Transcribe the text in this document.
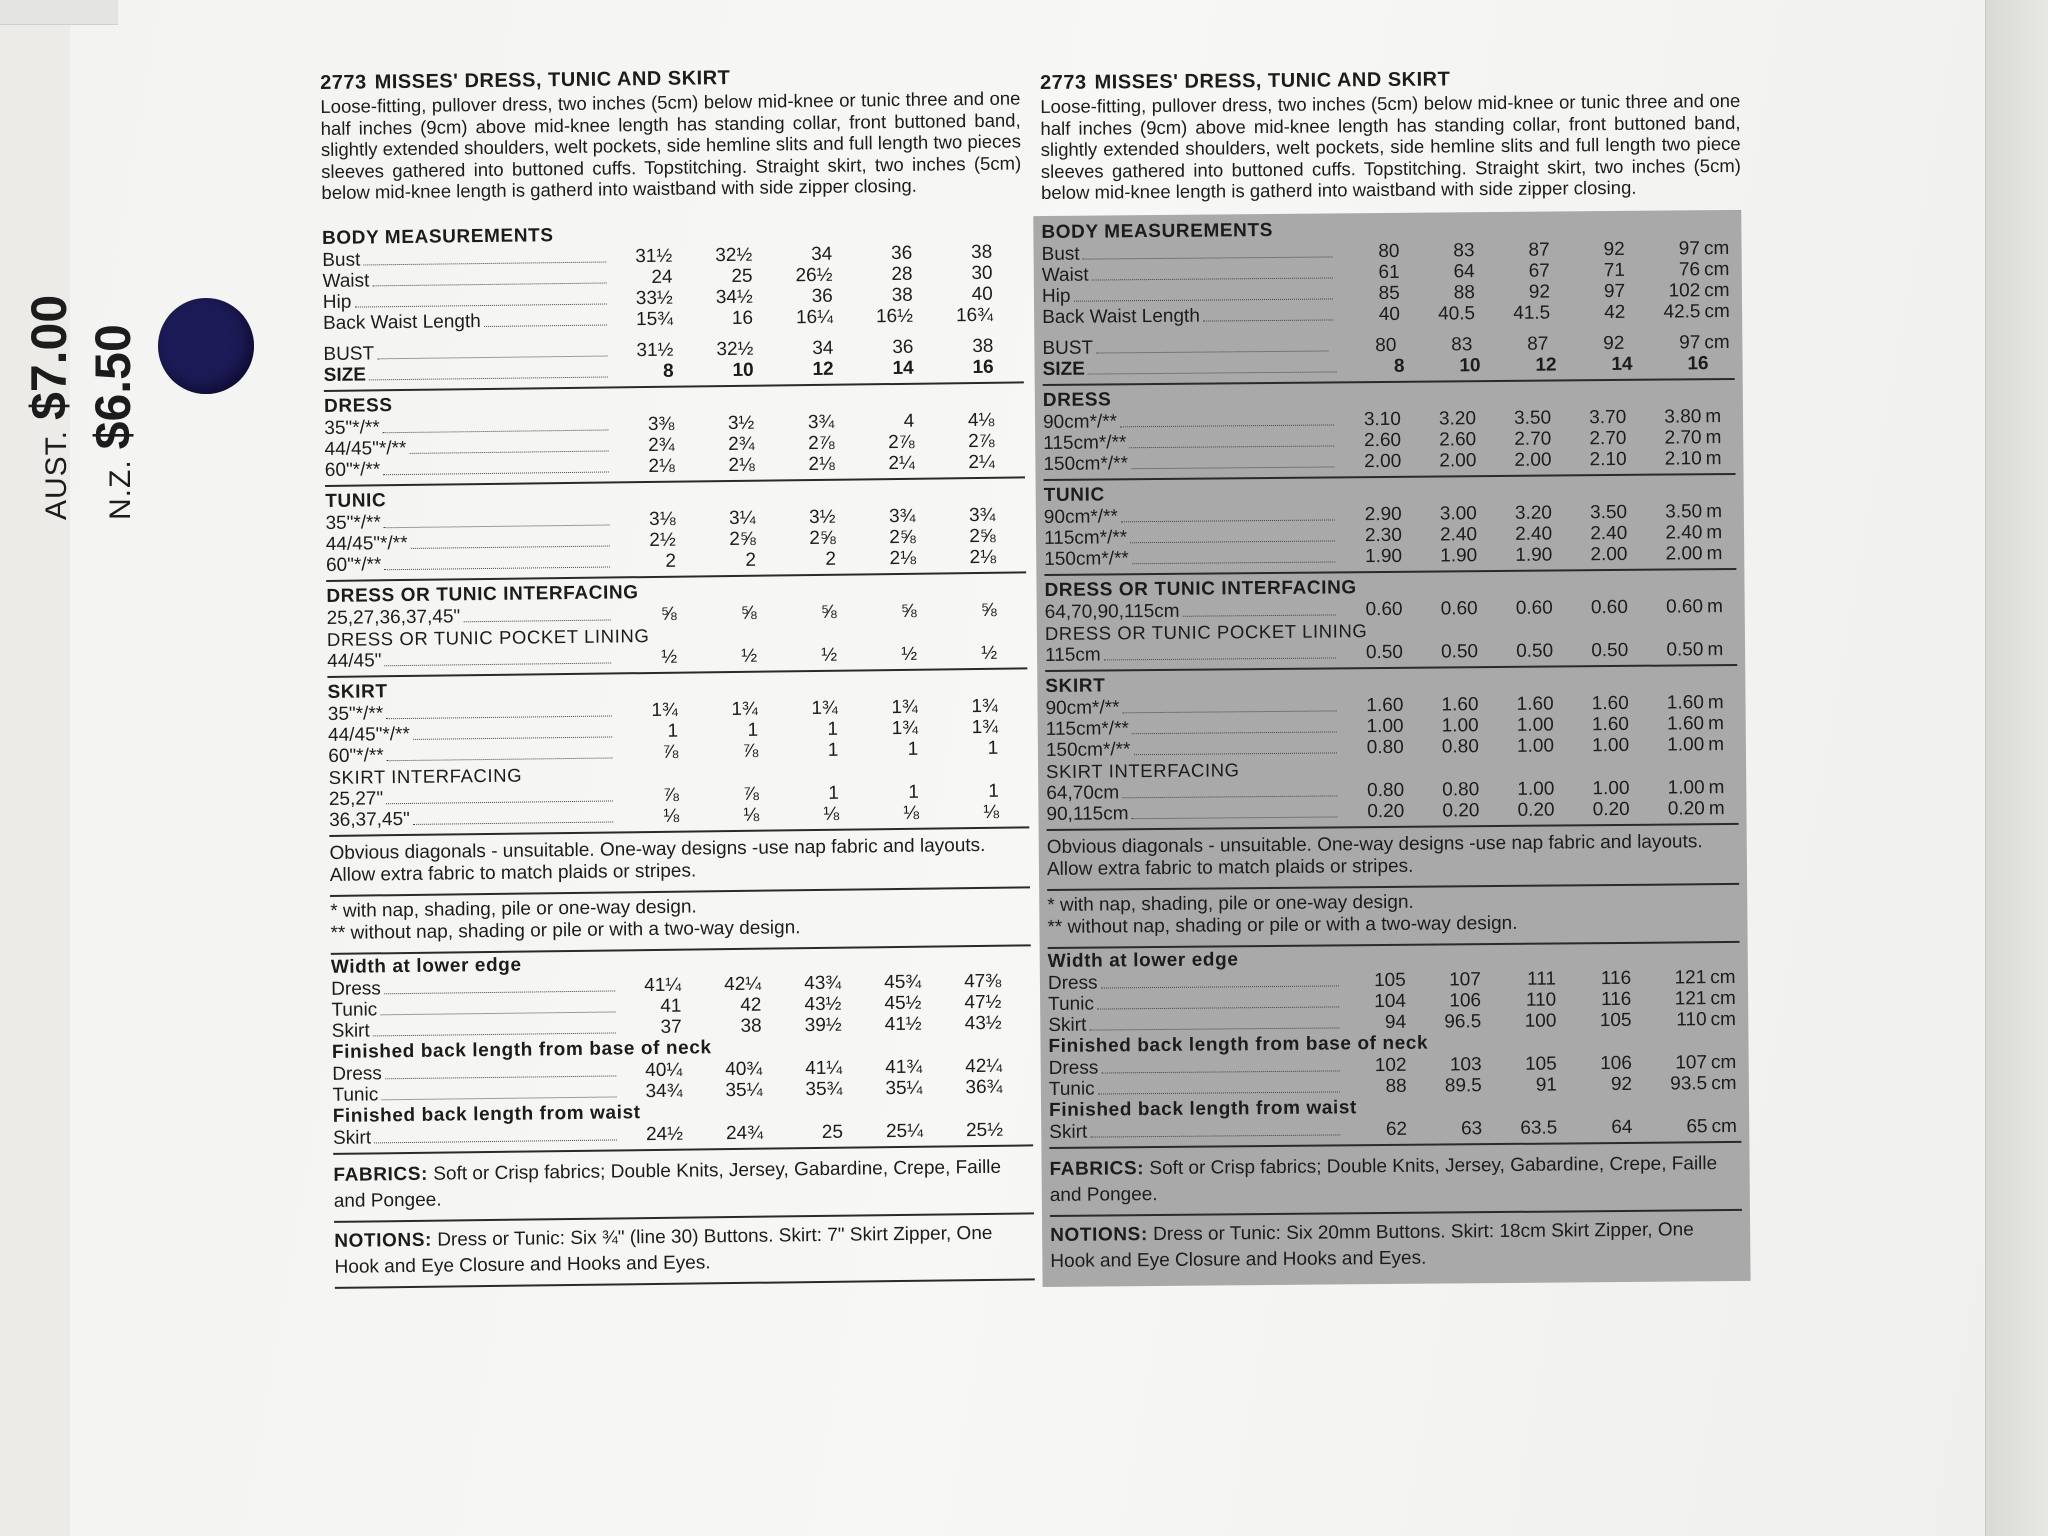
AUST.$7.00
N.Z.$6.50
2773 MISSES' DRESS, TUNIC AND SKIRT
Loose-fitting, pullover dress, two inches (5cm) below mid-knee or tunic three and one half inches (9cm) above mid-knee length has standing collar, front buttoned band, slightly extended shoulders, welt pockets, side hemline slits and full length two pieces sleeves gathered into buttoned cuffs. Topstitching. Straight skirt, two inches (5cm) below mid-knee length is gatherd into waistband with side zipper closing.
BODY MEASUREMENTS
Bust	31½	32½	34	36	38
Waist	24	25	26½	28	30
Hip	33½	34½	36	38	40
Back Waist Length	15¾	16	16¼	16½	16¾
BUST	31½	32½	34	36	38
SIZE	8	10	12	14	16
DRESS
35"*/**	3⅜	3½	3¾	4	4⅛
44/45"*/**	2¾	2¾	2⅞	2⅞	2⅞
60"*/**	2⅛	2⅛	2⅛	2¼	2¼
TUNIC
35"*/**	3⅛	3¼	3½	3¾	3¾
44/45"*/**	2½	2⅝	2⅝	2⅝	2⅝
60"*/**	2	2	2	2⅛	2⅛
DRESS OR TUNIC INTERFACING
25,27,36,37,45"	⅝	⅝	⅝	⅝	⅝
DRESS OR TUNIC POCKET LINING
44/45"	½	½	½	½	½
SKIRT
35"*/**	1¾	1¾	1¾	1¾	1¾
44/45"*/**	1	1	1	1¾	1¾
60"*/**	⅞	⅞	1	1	1
SKIRT INTERFACING
25,27"	⅞	⅞	1	1	1
36,37,45"	⅛	⅛	⅛	⅛	⅛
Obvious diagonals - unsuitable. One-way designs -use nap fabric and layouts. Allow extra fabric to match plaids or stripes.
* with nap, shading, pile or one-way design.
** without nap, shading or pile or with a two-way design.
Width at lower edge
Dress	41¼	42¼	43¾	45¾	47⅜
Tunic	41	42	43½	45½	47½
Skirt	37	38	39½	41½	43½
Finished back length from base of neck
Dress	40¼	40¾	41¼	41¾	42¼
Tunic	34¾	35¼	35¾	35¼	36¾
Finished back length from waist
Skirt	24½	24¾	25	25¼	25½
FABRICS: Soft or Crisp fabrics; Double Knits, Jersey, Gabardine, Crepe, Faille and Pongee.
NOTIONS: Dress or Tunic: Six ¾" (line 30) Buttons. Skirt: 7" Skirt Zipper, One Hook and Eye Closure and Hooks and Eyes.
2773 MISSES' DRESS, TUNIC AND SKIRT
Loose-fitting, pullover dress, two inches (5cm) below mid-knee or tunic three and one half inches (9cm) above mid-knee length has standing collar, front buttoned band, slightly extended shoulders, welt pockets, side hemline slits and full length two piece sleeves gathered into buttoned cuffs. Topstitching. Straight skirt, two inches (5cm) below mid-knee length is gatherd into waistband with side zipper closing.
BODY MEASUREMENTS
Bust	80	83	87	92	97 cm
Waist	61	64	67	71	76 cm
Hip	85	88	92	97	102 cm
Back Waist Length	40	40.5	41.5	42	42.5 cm
BUST	80	83	87	92	97 cm
SIZE	8	10	12	14	16
DRESS
90cm*/**	3.10	3.20	3.50	3.70	3.80 m
115cm*/**	2.60	2.60	2.70	2.70	2.70 m
150cm*/**	2.00	2.00	2.00	2.10	2.10 m
TUNIC
90cm*/**	2.90	3.00	3.20	3.50	3.50 m
115cm*/**	2.30	2.40	2.40	2.40	2.40 m
150cm*/**	1.90	1.90	1.90	2.00	2.00 m
DRESS OR TUNIC INTERFACING
64,70,90,115cm	0.60	0.60	0.60	0.60	0.60 m
DRESS OR TUNIC POCKET LINING
115cm	0.50	0.50	0.50	0.50	0.50 m
SKIRT
90cm*/**	1.60	1.60	1.60	1.60	1.60 m
115cm*/**	1.00	1.00	1.00	1.60	1.60 m
150cm*/**	0.80	0.80	1.00	1.00	1.00 m
SKIRT INTERFACING
64,70cm	0.80	0.80	1.00	1.00	1.00 m
90,115cm	0.20	0.20	0.20	0.20	0.20 m
Obvious diagonals - unsuitable. One-way designs -use nap fabric and layouts. Allow extra fabric to match plaids or stripes.
* with nap, shading, pile or one-way design.
** without nap, shading or pile or with a two-way design.
Width at lower edge
Dress	105	107	111	116	121 cm
Tunic	104	106	110	116	121 cm
Skirt	94	96.5	100	105	110 cm
Finished back length from base of neck
Dress	102	103	105	106	107 cm
Tunic	88	89.5	91	92	93.5 cm
Finished back length from waist
Skirt	62	63	63.5	64	65 cm
FABRICS: Soft or Crisp fabrics; Double Knits, Jersey, Gabardine, Crepe, Faille and Pongee.
NOTIONS: Dress or Tunic: Six 20mm Buttons. Skirt: 18cm Skirt Zipper, One Hook and Eye Closure and Hooks and Eyes.
